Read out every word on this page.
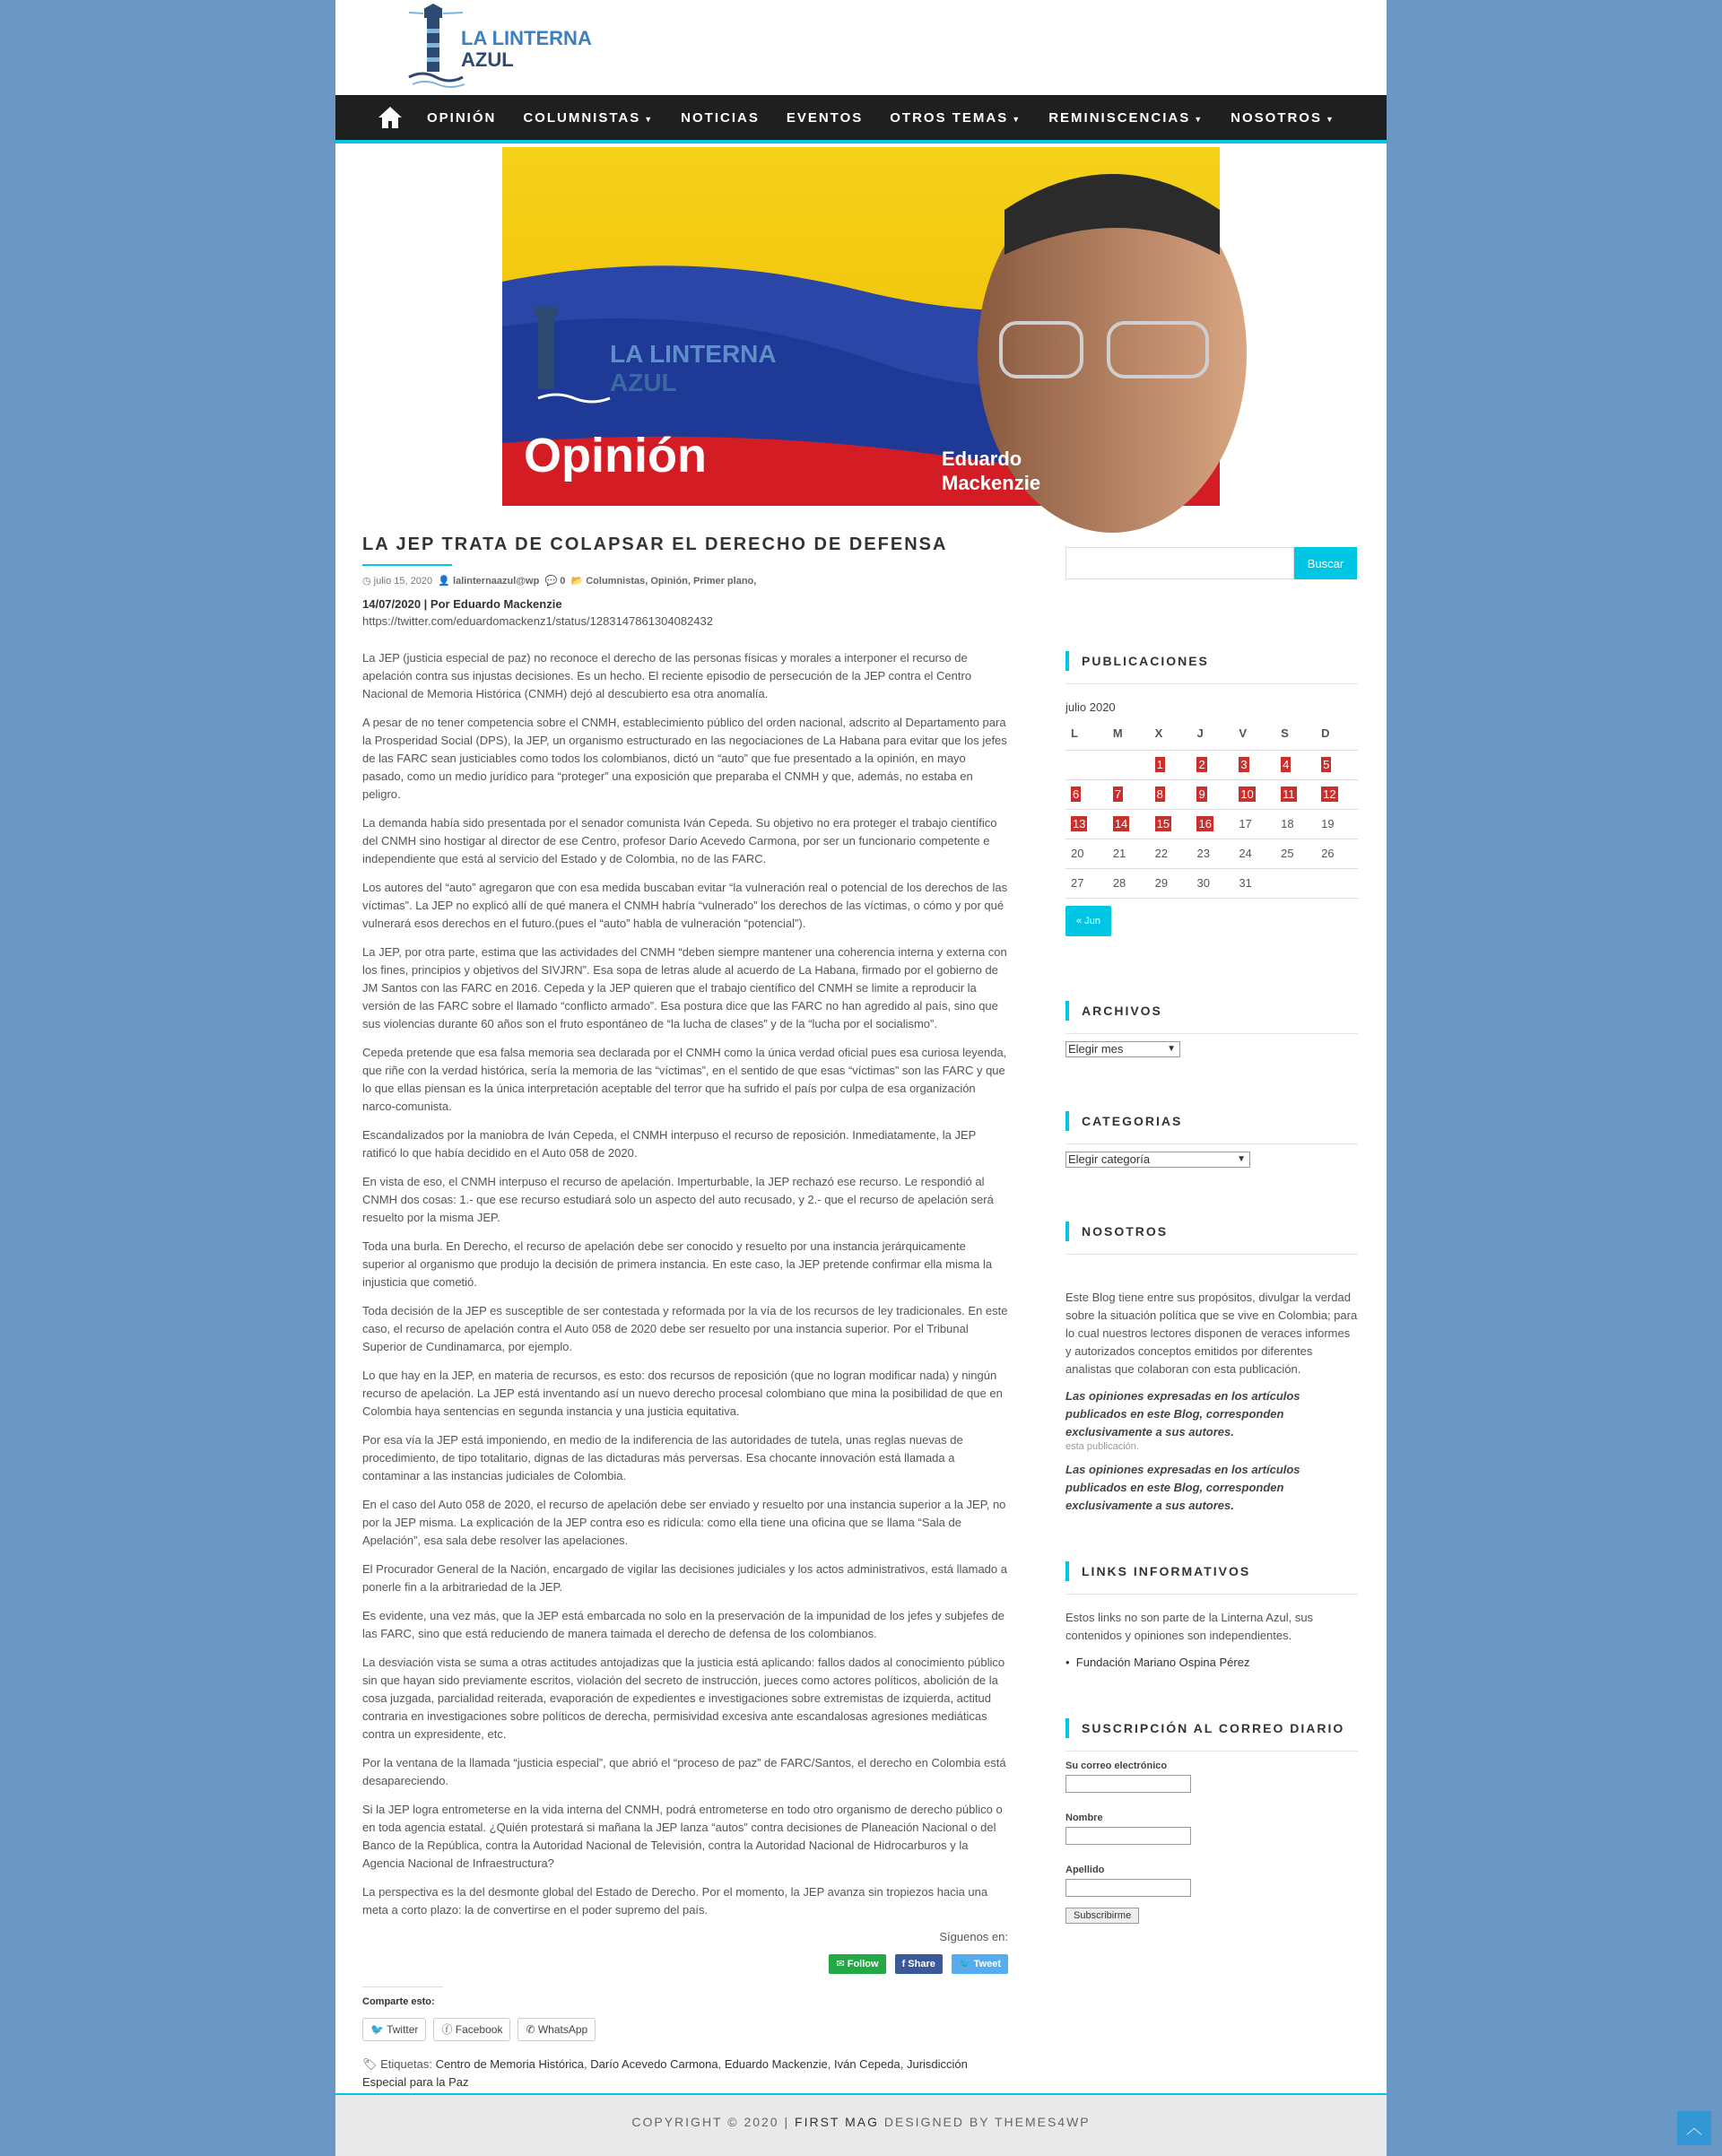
LA LINTERNA
AZUL
OPINIÓN COLUMNISTAS ▼ NOTICIAS EVENTOS OTROS TEMAS ▼ REMINISCENCIAS ▼ NOSOTROS ▼
LA LINTERNA
AZUL
Opinión	Eduardo
Mackenzie
LA JEP TRATA DE COLAPSAR EL DERECHO DE DEFENSA
◷ julio 15, 2020  👤 lalinternaazul@wp  💬 0  📂 Columnistas, Opinión, Primer plano,
14/07/2020 | Por Eduardo Mackenzie
https://twitter.com/eduardomackenz1/status/1283147861304082432

La JEP (justicia especial de paz) no reconoce el derecho de las personas físicas y morales a interponer el recurso de apelación contra sus injustas decisiones. Es un hecho. El reciente episodio de persecución de la JEP contra el Centro Nacional de Memoria Histórica (CNMH) dejó al descubierto esa otra anomalía.

A pesar de no tener competencia sobre el CNMH, establecimiento público del orden nacional, adscrito al Departamento para la Prosperidad Social (DPS), la JEP, un organismo estructurado en las negociaciones de La Habana para evitar que los jefes de las FARC sean justiciables como todos los colombianos, dictó un “auto” que fue presentado a la opinión, en mayo pasado, como un medio jurídico para “proteger” una exposición que preparaba el CNMH y que, además, no estaba en peligro.

La demanda había sido presentada por el senador comunista Iván Cepeda. Su objetivo no era proteger el trabajo científico del CNMH sino hostigar al director de ese Centro, profesor Darío Acevedo Carmona, por ser un funcionario competente e independiente que está al servicio del Estado y de Colombia, no de las FARC.

Los autores del “auto” agregaron que con esa medida buscaban evitar “la vulneración real o potencial de los derechos de las víctimas”. La JEP no explicó allí de qué manera el CNMH habría “vulnerado” los derechos de las víctimas, o cómo y por qué vulnerará esos derechos en el futuro.(pues el “auto” habla de vulneración “potencial”).

La JEP, por otra parte, estima que las actividades del CNMH “deben siempre mantener una coherencia interna y externa con los fines, principios y objetivos del SIVJRN”. Esa sopa de letras alude al acuerdo de La Habana, firmado por el gobierno de JM Santos con las FARC en 2016. Cepeda y la JEP quieren que el trabajo científico del CNMH se limite a reproducir la versión de las FARC sobre el llamado “conflicto armado”. Esa postura dice que las FARC no han agredido al país, sino que sus violencias durante 60 años son el fruto espontáneo de “la lucha de clases” y de la “lucha por el socialismo”.

Cepeda pretende que esa falsa memoria sea declarada por el CNMH como la única verdad oficial pues esa curiosa leyenda, que riñe con la verdad histórica, sería la memoria de las “víctimas”, en el sentido de que esas “víctimas” son las FARC y que lo que ellas piensan es la única interpretación aceptable del terror que ha sufrido el país por culpa de esa organización narco-comunista.

Escandalizados por la maniobra de Iván Cepeda, el CNMH interpuso el recurso de reposición. Inmediatamente, la JEP ratificó lo que había decidido en el Auto 058 de 2020.

En vista de eso, el CNMH interpuso el recurso de apelación. Imperturbable, la JEP rechazó ese recurso. Le respondió al CNMH dos cosas: 1.- que ese recurso estudiará solo un aspecto del auto recusado, y 2.- que el recurso de apelación será resuelto por la misma JEP.

Toda una burla. En Derecho, el recurso de apelación debe ser conocido y resuelto por una instancia jerárquicamente superior al organismo que produjo la decisión de primera instancia. En este caso, la JEP pretende confirmar ella misma la injusticia que cometió.

Toda decisión de la JEP es susceptible de ser contestada y reformada por la vía de los recursos de ley tradicionales. En este caso, el recurso de apelación contra el Auto 058 de 2020 debe ser resuelto por una instancia superior. Por el Tribunal Superior de Cundinamarca, por ejemplo.

Lo que hay en la JEP, en materia de recursos, es esto: dos recursos de reposición (que no logran modificar nada) y ningún recurso de apelación. La JEP está inventando así un nuevo derecho procesal colombiano que mina la posibilidad de que en Colombia haya sentencias en segunda instancia y una justicia equitativa.

Por esa vía la JEP está imponiendo, en medio de la indiferencia de las autoridades de tutela, unas reglas nuevas de procedimiento, de tipo totalitario, dignas de las dictaduras más perversas. Esa chocante innovación está llamada a contaminar a las instancias judiciales de Colombia.

En el caso del Auto 058 de 2020, el recurso de apelación debe ser enviado y resuelto por una instancia superior a la JEP, no por la JEP misma. La explicación de la JEP contra eso es ridícula: como ella tiene una oficina que se llama “Sala de Apelación”, esa sala debe resolver las apelaciones.

El Procurador General de la Nación, encargado de vigilar las decisiones judiciales y los actos administrativos, está llamado a ponerle fin a la arbitrariedad de la JEP.

Es evidente, una vez más, que la JEP está embarcada no solo en la preservación de la impunidad de los jefes y subjefes de las FARC, sino que está reduciendo de manera taimada el derecho de defensa de los colombianos.

La desviación vista se suma a otras actitudes antojadizas que la justicia está aplicando: fallos dados al conocimiento público sin que hayan sido previamente escritos, violación del secreto de instrucción, jueces como actores políticos, abolición de la cosa juzgada, parcialidad reiterada, evaporación de expedientes e investigaciones sobre extremistas de izquierda, actitud contraria en investigaciones sobre políticos de derecha, permisividad excesiva ante escandalosas agresiones mediáticas contra un expresidente, etc.

Por la ventana de la llamada “justicia especial”, que abrió el “proceso de paz” de FARC/Santos, el derecho en Colombia está desapareciendo.

Si la JEP logra entrometerse en la vida interna del CNMH, podrá entrometerse en todo otro organismo de derecho público o en toda agencia estatal. ¿Quién protestará si mañana la JEP lanza “autos” contra decisiones de Planeación Nacional o del Banco de la República, contra la Autoridad Nacional de Televisión, contra la Autoridad Nacional de Hidrocarburos y la Agencia Nacional de Infraestructura?

La perspectiva es la del desmonte global del Estado de Derecho. Por el momento, la JEP avanza sin tropiezos hacia una meta a corto plazo: la de convertirse en el poder supremo del país.

Síguenos en:
✉ Follow	f Share	🐦 Tweet
Comparte esto:
🐦 Twitter	ⓕ Facebook	✆ WhatsApp
🏷 Etiquetas: Centro de Memoria Histórica, Darío Acevedo Carmona, Eduardo Mackenzie, Iván Cepeda, Jurisdicción Especial para la Paz
Buscar
PUBLICACIONES
julio 2020
L	M	X	J	V	S	D
		1	2	3	4	5
6	7	8	9	10	11	12
13	14	15	16	17	18	19
20	21	22	23	24	25	26
27	28	29	30	31		
« Jun
ARCHIVOS
Elegir mes	▼
CATEGORIAS
Elegir categoría	▼
NOSOTROS

Este Blog tiene entre sus propósitos, divulgar la verdad sobre la situación política que se vive en Colombia; para lo cual nuestros lectores disponen de veraces informes y autorizados conceptos emitidos por diferentes analistas que colaboran con esta publicación.

Las opiniones expresadas en los artículos publicados en este Blog, corresponden exclusivamente a sus autores.

esta publicación.

Las opiniones expresadas en los artículos publicados en este Blog, corresponden exclusivamente a sus autores.

LINKS INFORMATIVOS

Estos links no son parte de la Linterna Azul, sus contenidos y opiniones son independientes.

•  Fundación Mariano Ospina Pérez

SUSCRIPCIÓN AL CORREO DIARIO
Su correo electrónico
Nombre
Apellido
Subscribirme
COPYRIGHT © 2020 | FIRST MAG DESIGNED BY THEMES4WP	︿
